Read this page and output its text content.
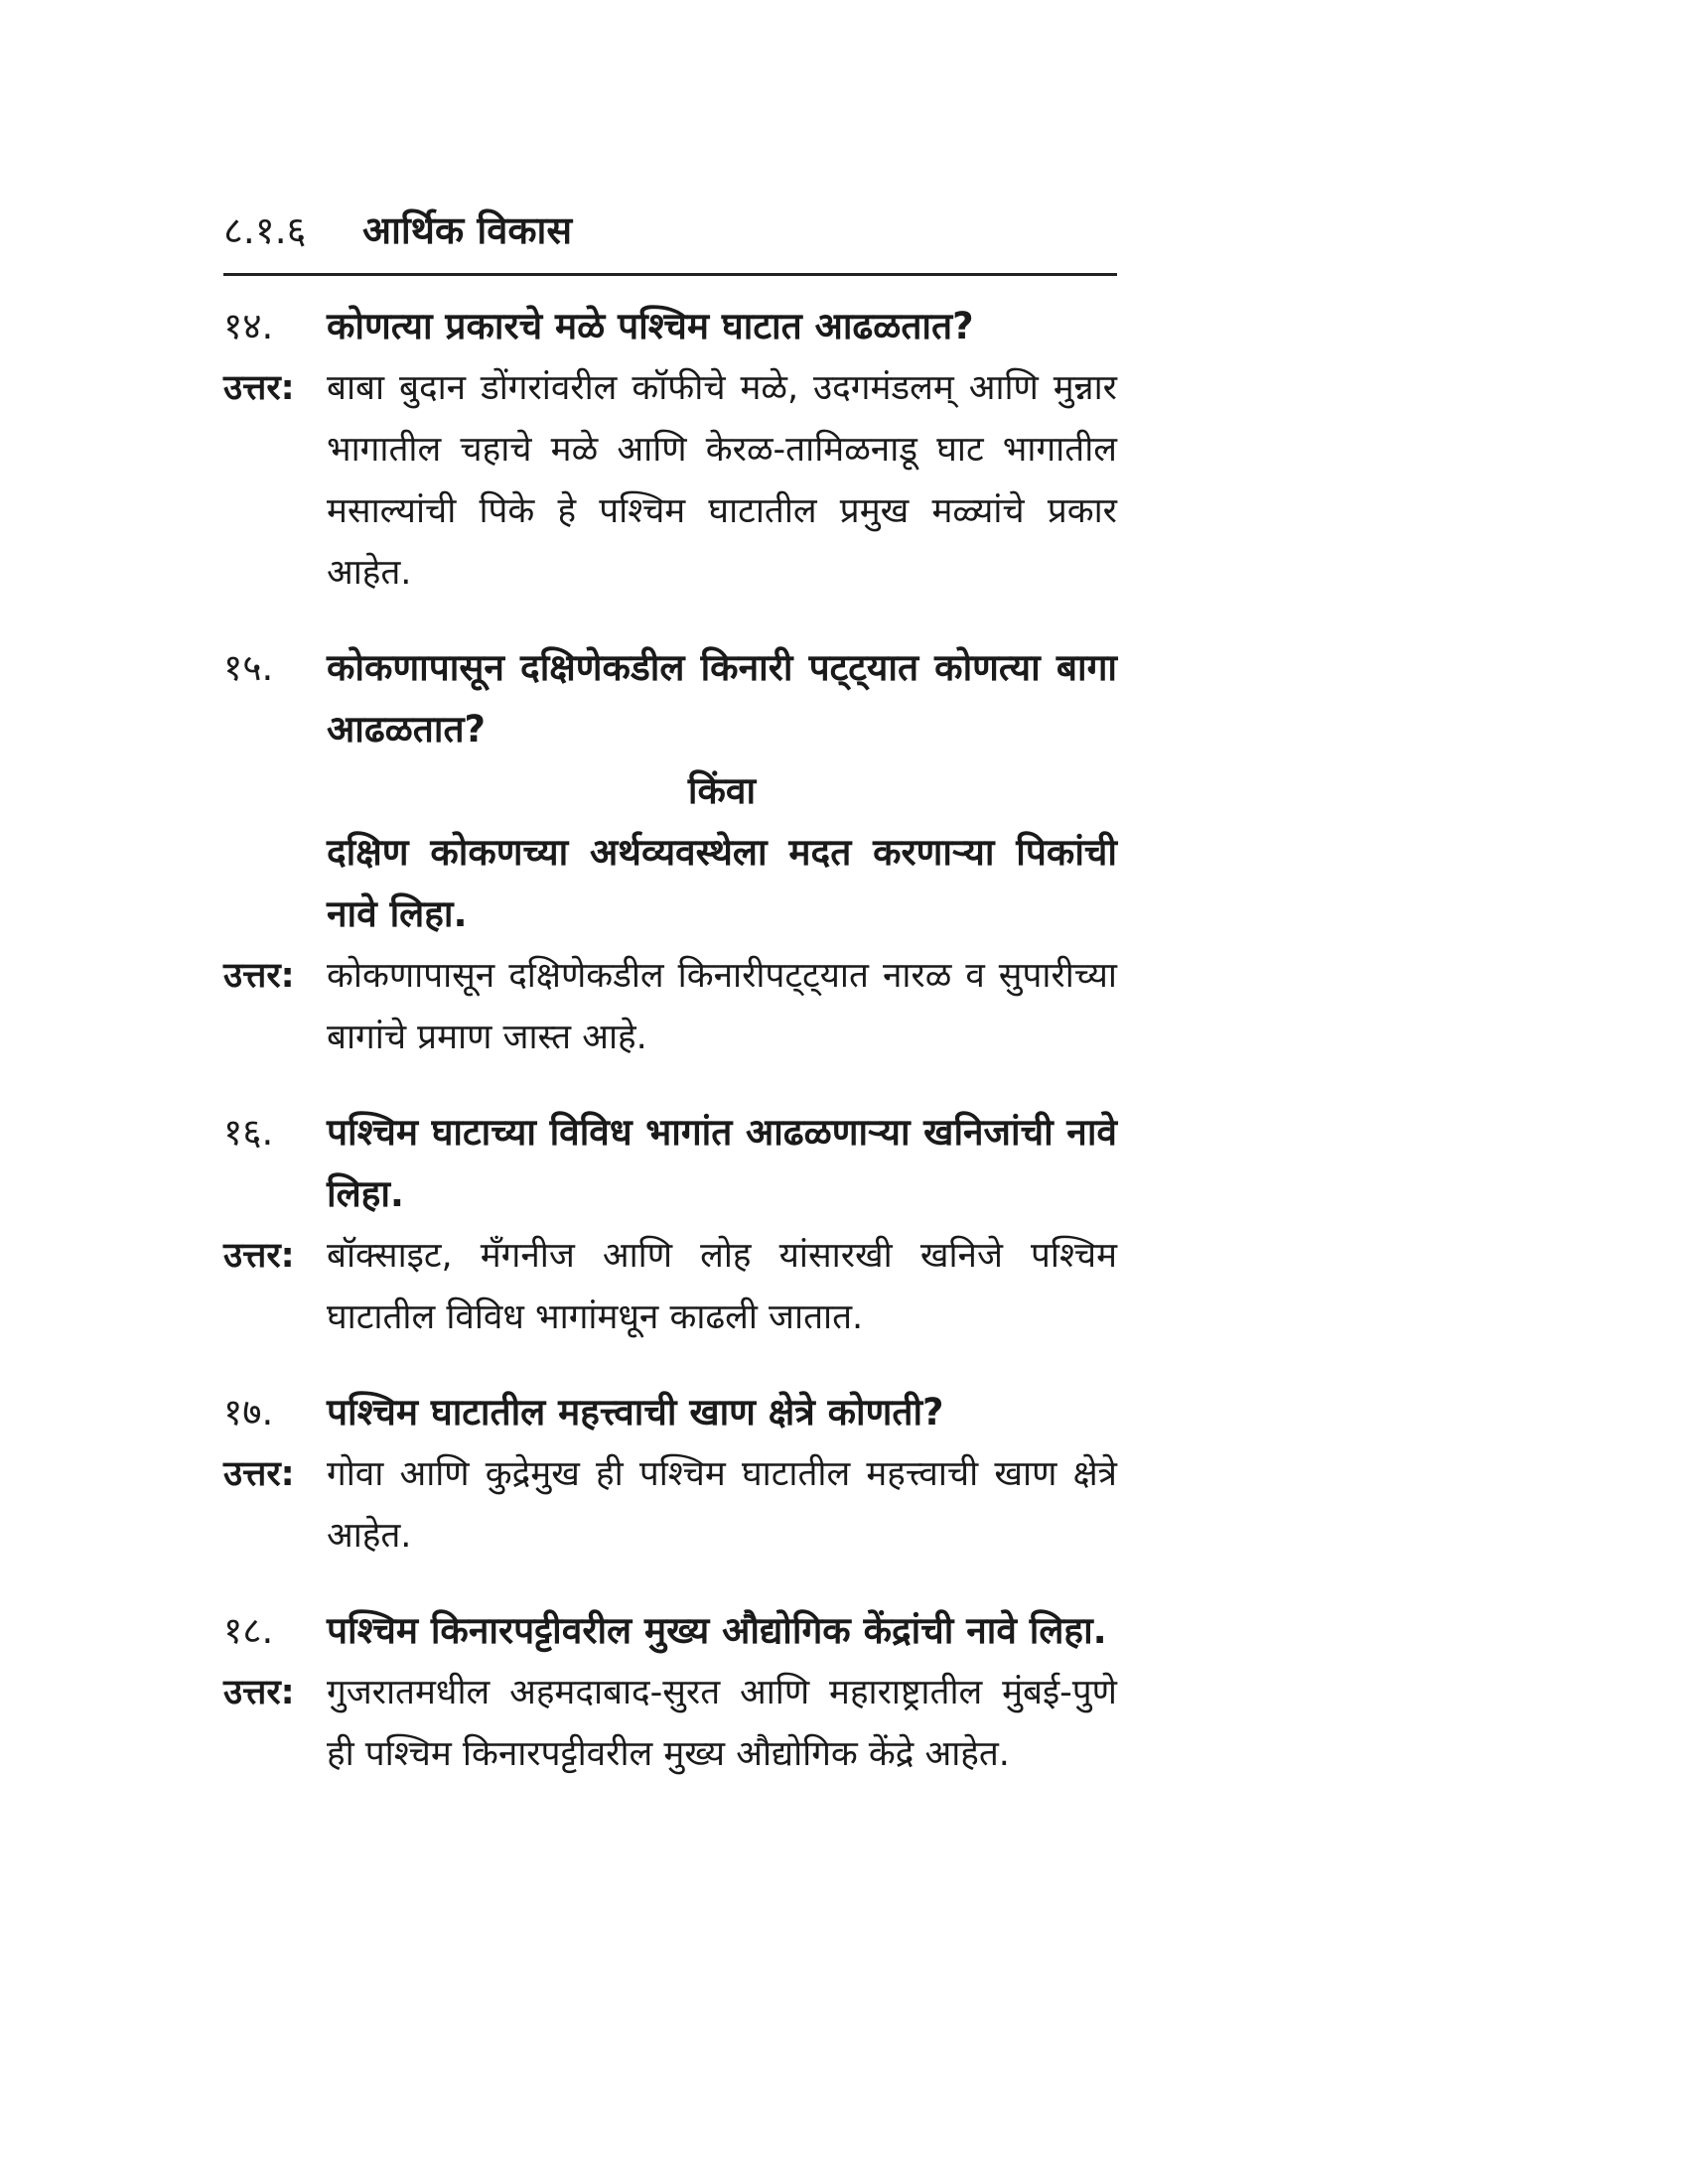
८.१.६	आर्थिक विकास
१४.	कोणत्या प्रकारचे मळे पश्चिम घाटात आढळतात?
उत्तर: बाबा बुदान डोंगरांवरील कॉफीचे मळे, उदगमंडलम् आणि मुन्नार भागातील चहाचे मळे आणि केरळ-तामिळनाडू घाट भागातील मसाल्यांची पिके हे पश्चिम घाटातील प्रमुख मळ्यांचे प्रकार आहेत.
१५.	कोकणापासून दक्षिणेकडील किनारी पट्ट्यात कोणत्या बागा आढळतात?
किंवा
दक्षिण कोकणच्या अर्थव्यवस्थेला मदत करणाऱ्या पिकांची नावे लिहा.
उत्तर: कोकणापासून दक्षिणेकडील किनारीपट्ट्यात नारळ व सुपारीच्या बागांचे प्रमाण जास्त आहे.
१६.	पश्चिम घाटाच्या विविध भागांत आढळणाऱ्या खनिजांची नावे लिहा.
उत्तर: बॉक्साइट, मँगनीज आणि लोह यांसारखी खनिजे पश्चिम घाटातील विविध भागांमधून काढली जातात.
१७.	पश्चिम घाटातील महत्त्वाची खाण क्षेत्रे कोणती?
उत्तर: गोवा आणि कुद्रेमुख ही पश्चिम घाटातील महत्त्वाची खाण क्षेत्रे आहेत.
१८.	पश्चिम किनारपट्टीवरील मुख्य औद्योगिक केंद्रांची नावे लिहा.
उत्तर: गुजरातमधील अहमदाबाद-सुरत आणि महाराष्ट्रातील मुंबई-पुणे ही पश्चिम किनारपट्टीवरील मुख्य औद्योगिक केंद्रे आहेत.
